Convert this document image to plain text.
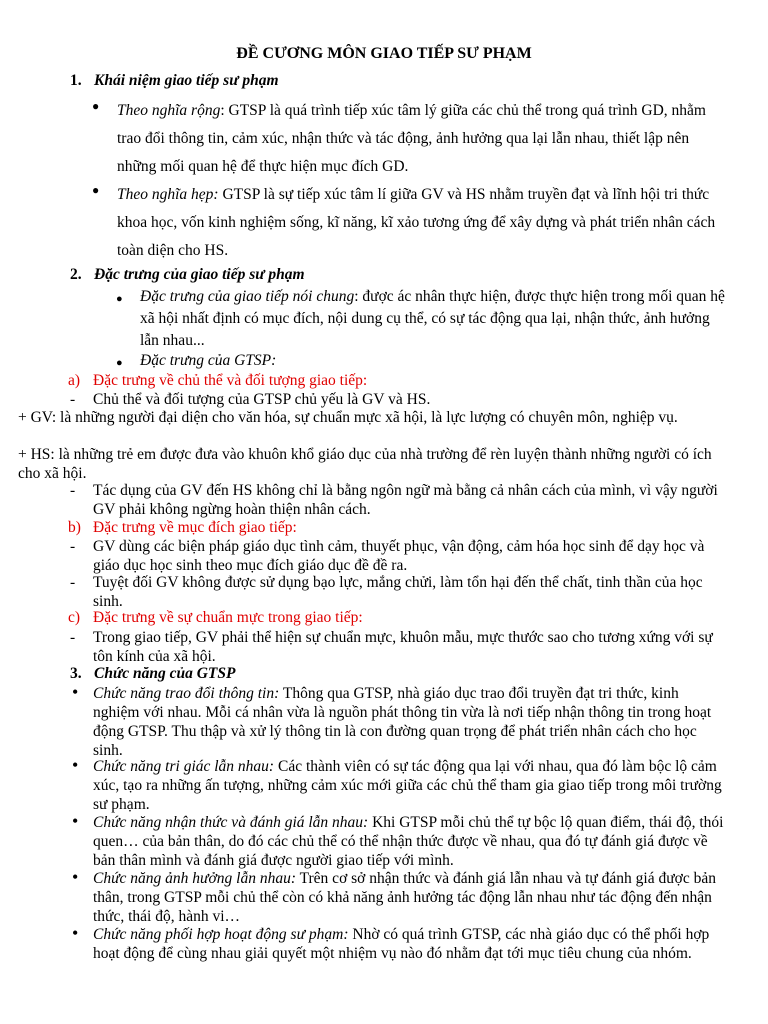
ĐỀ CƯƠNG MÔN GIAO TIẾP SƯ PHẠM
1. Khái niệm giao tiếp sư phạm
● Theo nghĩa rộng: GTSP là quá trình tiếp xúc tâm lý giữa các chủ thể trong quá trình GD, nhằm trao đổi thông tin, cảm xúc, nhận thức và tác động, ảnh hưởng qua lại lẫn nhau, thiết lập nên những mối quan hệ để thực hiện mục đích GD.
● Theo nghĩa hẹp: GTSP là sự tiếp xúc tâm lí giữa GV và HS nhằm truyền đạt và lĩnh hội tri thức khoa học, vốn kinh nghiệm sống, kĩ năng, kĩ xảo tương ứng để xây dựng và phát triển nhân cách toàn diện cho HS.
2. Đặc trưng của giao tiếp sư phạm
● Đặc trưng của giao tiếp nói chung: được ác nhân thực hiện, được thực hiện trong mối quan hệ xã hội nhất định có mục đích, nội dung cụ thể, có sự tác động qua lại, nhận thức, ảnh hưởng lẫn nhau...
● Đặc trưng của GTSP:
a) Đặc trưng về chủ thể và đối tượng giao tiếp:
- Chủ thể và đối tượng của GTSP chủ yếu là GV và HS.
+ GV: là những người đại diện cho văn hóa, sự chuẩn mực xã hội, là lực lượng có chuyên môn, nghiệp vụ.
+ HS: là những trẻ em được đưa vào khuôn khổ giáo dục của nhà trường để rèn luyện thành những người có ích cho xã hội.
- Tác dụng của GV đến HS không chỉ là bằng ngôn ngữ mà bằng cả nhân cách của mình, vì vậy người GV phải không ngừng hoàn thiện nhân cách.
b) Đặc trưng về mục đích giao tiếp:
- GV dùng các biện pháp giáo dục tình cảm, thuyết phục, vận động, cảm hóa học sinh để dạy học và giáo dục học sinh theo mục đích giáo dục đề đề ra.
- Tuyệt đối GV không được sử dụng bạo lực, mắng chửi, làm tổn hại đến thể chất, tinh thần của học sinh.
c) Đặc trưng về sự chuẩn mực trong giao tiếp:
- Trong giao tiếp, GV phải thể hiện sự chuẩn mực, khuôn mẫu, mực thước sao cho tương xứng với sự tôn kính của xã hội.
3. Chức năng của GTSP
• Chức năng trao đổi thông tin: Thông qua GTSP, nhà giáo dục trao đổi truyền đạt tri thức, kinh nghiệm với nhau. Mỗi cá nhân vừa là nguồn phát thông tin vừa là nơi tiếp nhận thông tin trong hoạt động GTSP. Thu thập và xử lý thông tin là con đường quan trọng để phát triển nhân cách cho học sinh.
• Chức năng tri giác lẫn nhau: Các thành viên có sự tác động qua lại với nhau, qua đó làm bộc lộ cảm xúc, tạo ra những ấn tượng, những cảm xúc mới giữa các chủ thể tham gia giao tiếp trong môi trường sư phạm.
• Chức năng nhận thức và đánh giá lẫn nhau: Khi GTSP mỗi chủ thể tự bộc lộ quan điểm, thái độ, thói quen… của bản thân, do đó các chủ thể có thể nhận thức được về nhau, qua đó tự đánh giá được về bản thân mình và đánh giá được người giao tiếp với mình.
• Chức năng ảnh hưởng lẫn nhau: Trên cơ sở nhận thức và đánh giá lẫn nhau và tự đánh giá được bản thân, trong GTSP mỗi chủ thể còn có khả năng ảnh hưởng tác động lẫn nhau như tác động đến nhận thức, thái độ, hành vi…
• Chức năng phối hợp hoạt động sư phạm: Nhờ có quá trình GTSP, các nhà giáo dục có thể phối hợp hoạt động để cùng nhau giải quyết một nhiệm vụ nào đó nhằm đạt tới mục tiêu chung của nhóm.
